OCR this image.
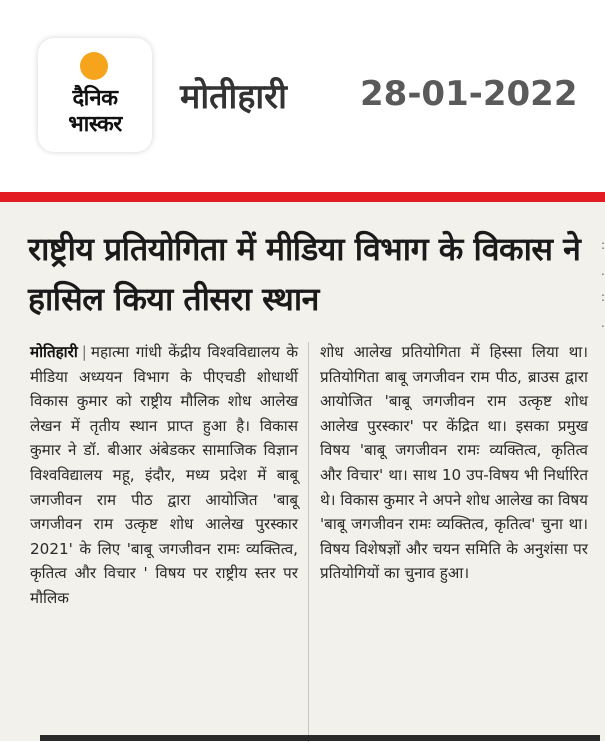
दैनिक
भास्कर
मोतीहारी 28-01-2022
राष्ट्रीय प्रतियोगिता में मीडिया विभाग के विकास ने हासिल किया तीसरा स्थान
:
.
:
.
मोतिहारी | महात्मा गांधी केंद्रीय विश्वविद्यालय के मीडिया अध्ययन विभाग के पीएचडी शोधार्थी विकास कुमार को राष्ट्रीय मौलिक शोध आलेख लेखन में तृतीय स्थान प्राप्त हुआ है। विकास कुमार ने डॉ. बीआर अंबेडकर सामाजिक विज्ञान विश्वविद्यालय महू, इंदौर, मध्य प्रदेश में बाबू जगजीवन राम पीठ द्वारा आयोजित 'बाबू जगजीवन राम उत्कृष्ट शोध आलेख पुरस्कार 2021' के लिए 'बाबू जगजीवन रामः व्यक्तित्व, कृतित्व और विचार ' विषय पर राष्ट्रीय स्तर पर मौलिक
शोध आलेख प्रतियोगिता में हिस्सा लिया था। प्रतियोगिता बाबू जगजीवन राम पीठ, ब्राउस द्वारा आयोजित 'बाबू जगजीवन राम उत्कृष्ट शोध आलेख पुरस्कार' पर केंद्रित था। इसका प्रमुख विषय 'बाबू जगजीवन रामः व्यक्तित्व, कृतित्व और विचार' था। साथ 10 उप-विषय भी निर्धारित थे। विकास कुमार ने अपने शोध आलेख का विषय 'बाबू जगजीवन रामः व्यक्तित्व, कृतित्व' चुना था। विषय विशेषज्ञों और चयन समिति के अनुशंसा पर प्रतियोगियों का चुनाव हुआ।
